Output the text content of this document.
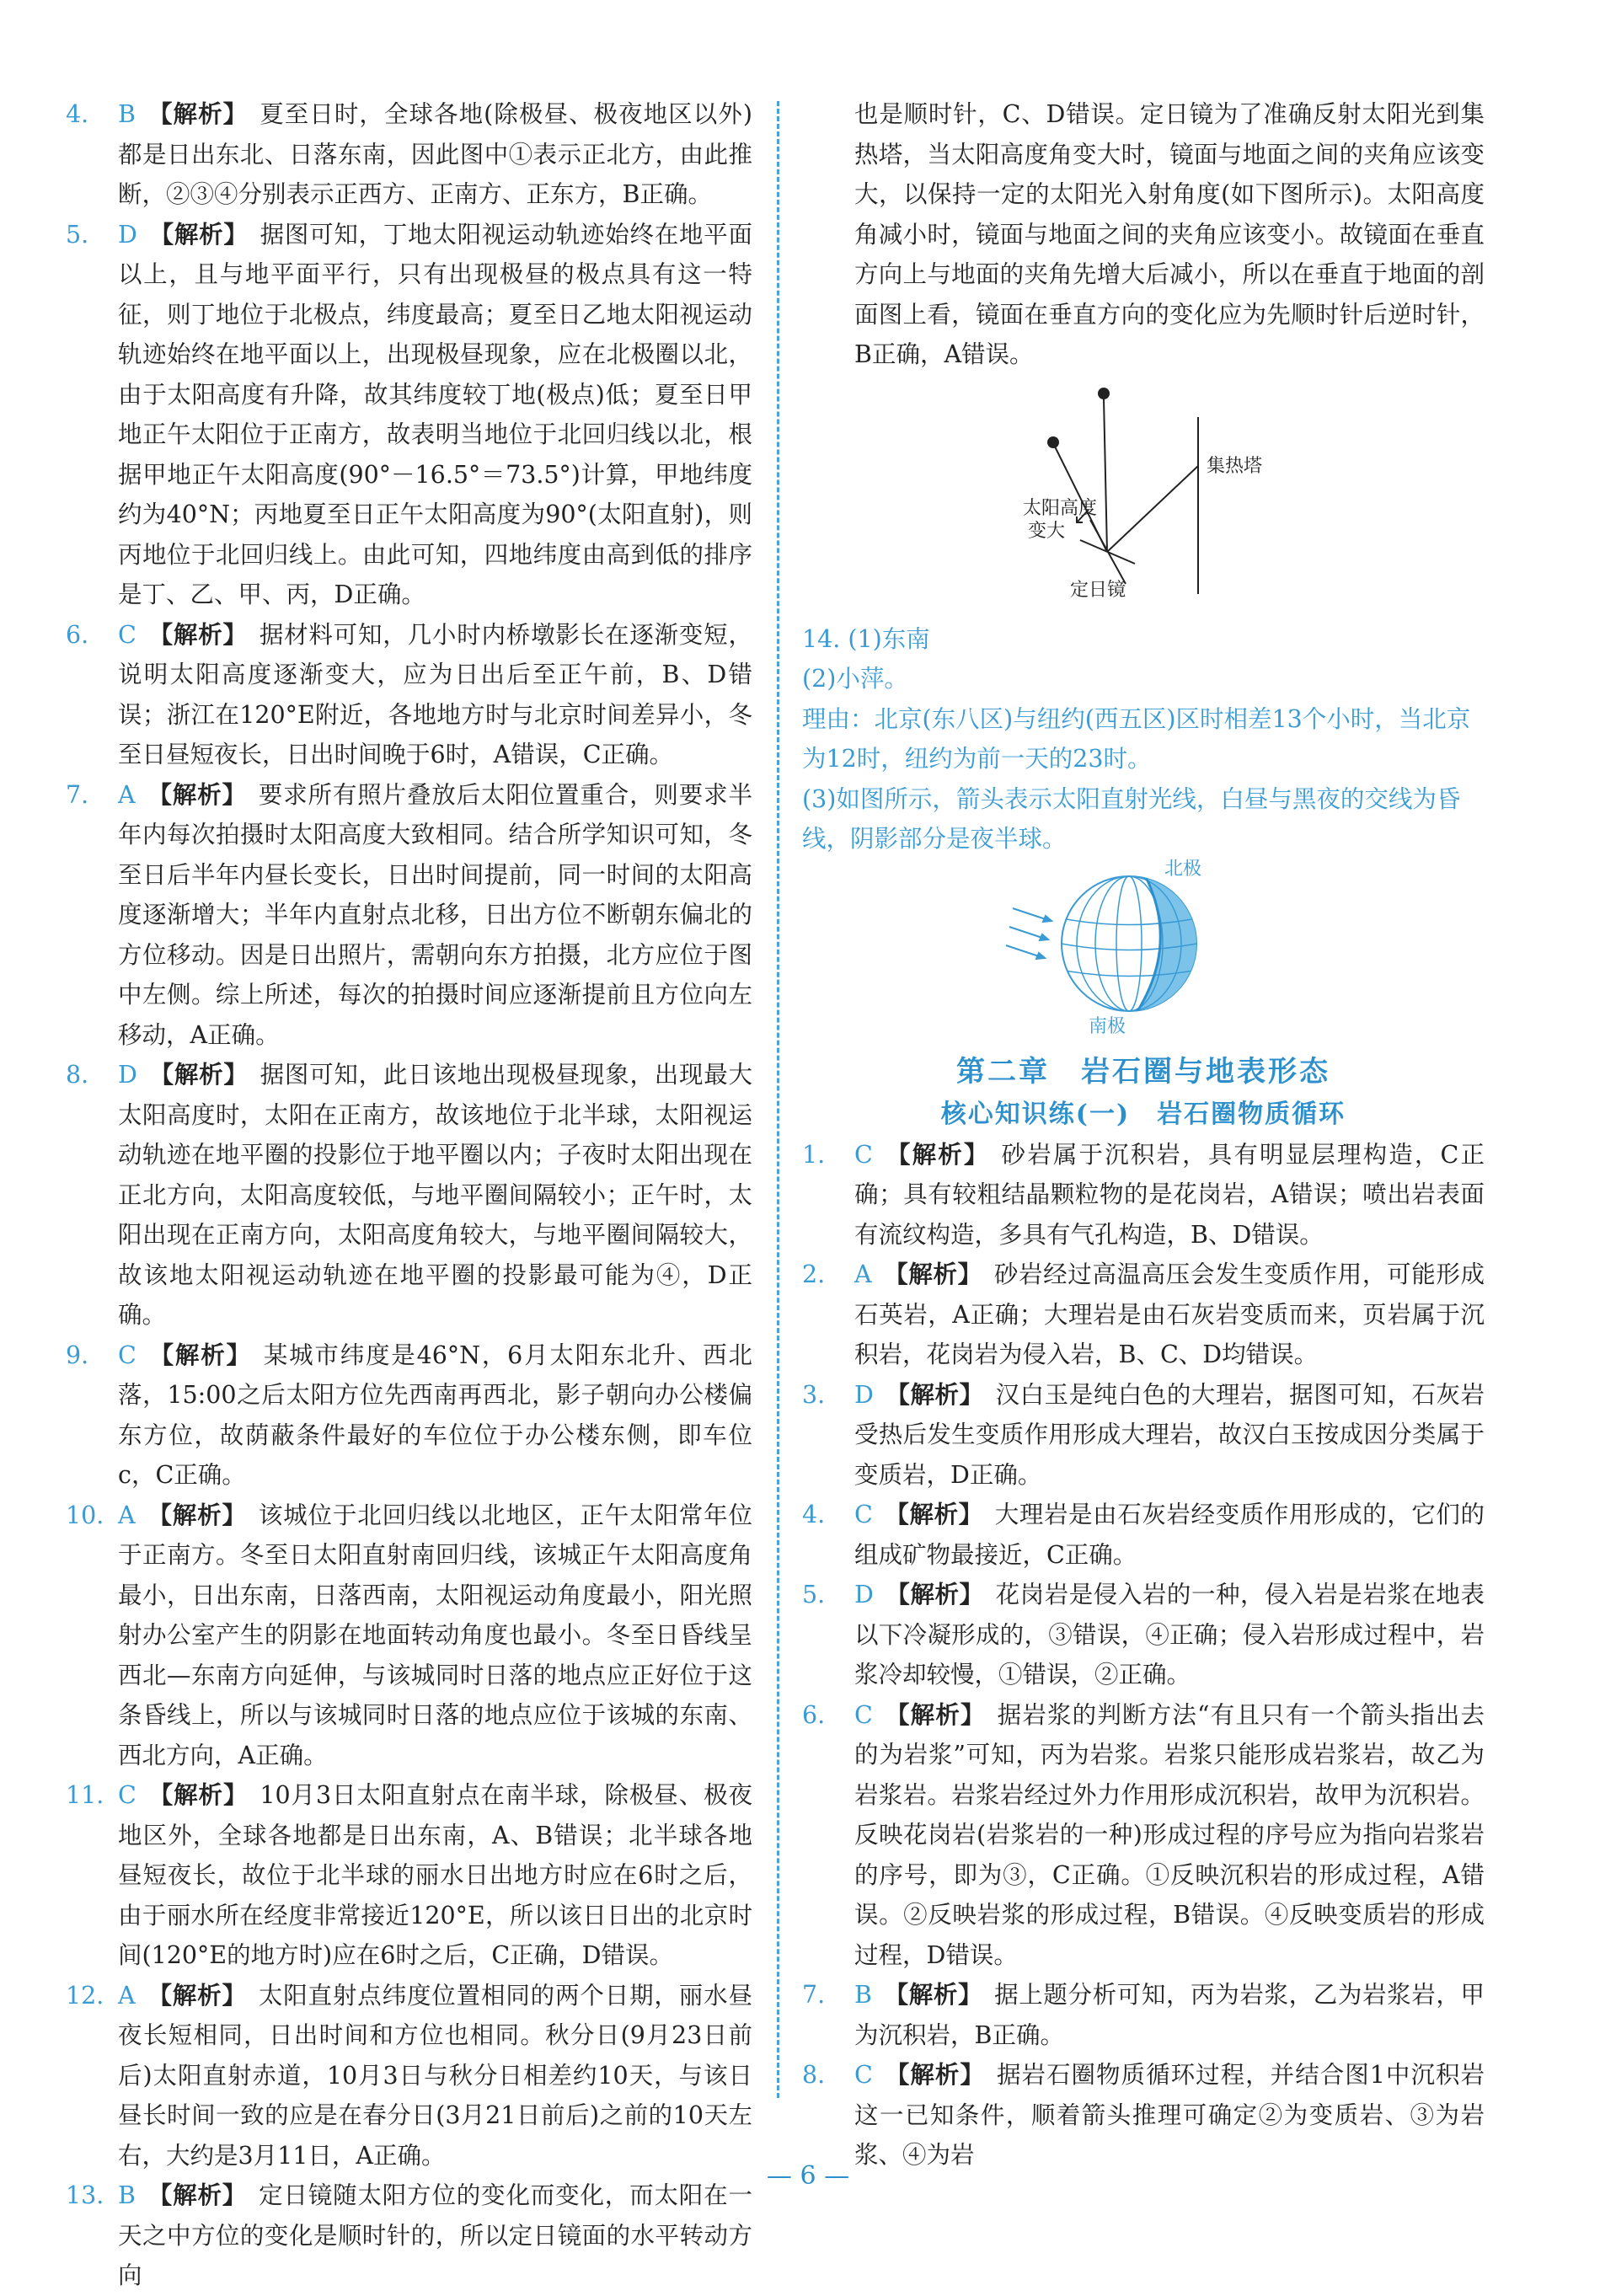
4.	B 【解析】 夏至日时，全球各地(除极昼、极夜地区以外)都是日出东北、日落东南，因此图中①表示正北方，由此推断，②③④分别表示正西方、正南方、正东方，B正确。

5.	D 【解析】 据图可知，丁地太阳视运动轨迹始终在地平面以上，且与地平面平行，只有出现极昼的极点具有这一特征，则丁地位于北极点，纬度最高；夏至日乙地太阳视运动轨迹始终在地平面以上，出现极昼现象，应在北极圈以北，由于太阳高度有升降，故其纬度较丁地(极点)低；夏至日甲地正午太阳位于正南方，故表明当地位于北回归线以北，根据甲地正午太阳高度(90°－16.5°＝73.5°)计算，甲地纬度约为40°N；丙地夏至日正午太阳高度为90°(太阳直射)，则丙地位于北回归线上。由此可知，四地纬度由高到低的排序是丁、乙、甲、丙，D正确。

6.	C 【解析】 据材料可知，几小时内桥墩影长在逐渐变短，说明太阳高度逐渐变大，应为日出后至正午前，B、D错误；浙江在120°E附近，各地地方时与北京时间差异小，冬至日昼短夜长，日出时间晚于6时，A错误，C正确。

7.	A 【解析】 要求所有照片叠放后太阳位置重合，则要求半年内每次拍摄时太阳高度大致相同。结合所学知识可知，冬至日后半年内昼长变长，日出时间提前，同一时间的太阳高度逐渐增大；半年内直射点北移，日出方位不断朝东偏北的方位移动。因是日出照片，需朝向东方拍摄，北方应位于图中左侧。综上所述，每次的拍摄时间应逐渐提前且方位向左移动，A正确。

8.	D 【解析】 据图可知，此日该地出现极昼现象，出现最大太阳高度时，太阳在正南方，故该地位于北半球，太阳视运动轨迹在地平圈的投影位于地平圈以内；子夜时太阳出现在正北方向，太阳高度较低，与地平圈间隔较小；正午时，太阳出现在正南方向，太阳高度角较大，与地平圈间隔较大，故该地太阳视运动轨迹在地平圈的投影最可能为④，D正确。

9.	C 【解析】 某城市纬度是46°N，6月太阳东北升、西北落，15:00之后太阳方位先西南再西北，影子朝向办公楼偏东方位，故荫蔽条件最好的车位位于办公楼东侧，即车位c，C正确。

10. A 【解析】 该城位于北回归线以北地区，正午太阳常年位于正南方。冬至日太阳直射南回归线，该城正午太阳高度角最小，日出东南，日落西南，太阳视运动角度最小，阳光照射办公室产生的阴影在地面转动角度也最小。冬至日昏线呈西北—东南方向延伸，与该城同时日落的地点应正好位于这条昏线上，所以与该城同时日落的地点应位于该城的东南、西北方向，A正确。

11. C 【解析】 10月3日太阳直射点在南半球，除极昼、极夜地区外，全球各地都是日出东南，A、B错误；北半球各地昼短夜长，故位于北半球的丽水日出地方时应在6时之后，由于丽水所在经度非常接近120°E，所以该日日出的北京时间(120°E的地方时)应在6时之后，C正确，D错误。

12. A 【解析】 太阳直射点纬度位置相同的两个日期，丽水昼夜长短相同，日出时间和方位也相同。秋分日(9月23日前后)太阳直射赤道，10月3日与秋分日相差约10天，与该日昼长时间一致的应是在春分日(3月21日前后)之前的10天左右，大约是3月11日，A正确。

13. B 【解析】 定日镜随太阳方位的变化而变化，而太阳在一天之中方位的变化是顺时针的，所以定日镜面的水平转动方向

也是顺时针，C、D错误。定日镜为了准确反射太阳光到集热塔，当太阳高度角变大时，镜面与地面之间的夹角应该变大，以保持一定的太阳光入射角度(如下图所示)。太阳高度角减小时，镜面与地面之间的夹角应该变小。故镜面在垂直方向上与地面的夹角先增大后减小，所以在垂直于地面的剖面图上看，镜面在垂直方向的变化应为先顺时针后逆时针，B正确，A错误。

集热塔
太阳高度
变大
定日镜

14. (1)东南

(2)小萍。

理由：北京(东八区)与纽约(西五区)区时相差13个小时，当北京为12时，纽约为前一天的23时。

(3)如图所示，箭头表示太阳直射光线，白昼与黑夜的交线为昏线，阴影部分是夜半球。

北极
南极
第二章　岩石圈与地表形态
核心知识练(一)　岩石圈物质循环

1.	C 【解析】 砂岩属于沉积岩，具有明显层理构造，C正确；具有较粗结晶颗粒物的是花岗岩，A错误；喷出岩表面有流纹构造，多具有气孔构造，B、D错误。

2.	A 【解析】 砂岩经过高温高压会发生变质作用，可能形成石英岩，A正确；大理岩是由石灰岩变质而来，页岩属于沉积岩，花岗岩为侵入岩，B、C、D均错误。

3.	D 【解析】 汉白玉是纯白色的大理岩，据图可知，石灰岩受热后发生变质作用形成大理岩，故汉白玉按成因分类属于变质岩，D正确。

4.	C 【解析】 大理岩是由石灰岩经变质作用形成的，它们的组成矿物最接近，C正确。

5.	D 【解析】 花岗岩是侵入岩的一种，侵入岩是岩浆在地表以下冷凝形成的，③错误，④正确；侵入岩形成过程中，岩浆冷却较慢，①错误，②正确。

6.	C 【解析】 据岩浆的判断方法“有且只有一个箭头指出去的为岩浆”可知，丙为岩浆。岩浆只能形成岩浆岩，故乙为岩浆岩。岩浆岩经过外力作用形成沉积岩，故甲为沉积岩。反映花岗岩(岩浆岩的一种)形成过程的序号应为指向岩浆岩的序号，即为③，C正确。①反映沉积岩的形成过程，A错误。②反映岩浆的形成过程，B错误。④反映变质岩的形成过程，D错误。

7.	B 【解析】 据上题分析可知，丙为岩浆，乙为岩浆岩，甲为沉积岩，B正确。

8.	C 【解析】 据岩石圈物质循环过程，并结合图1中沉积岩这一已知条件，顺着箭头推理可确定②为变质岩、③为岩浆、④为岩

— 6 —
